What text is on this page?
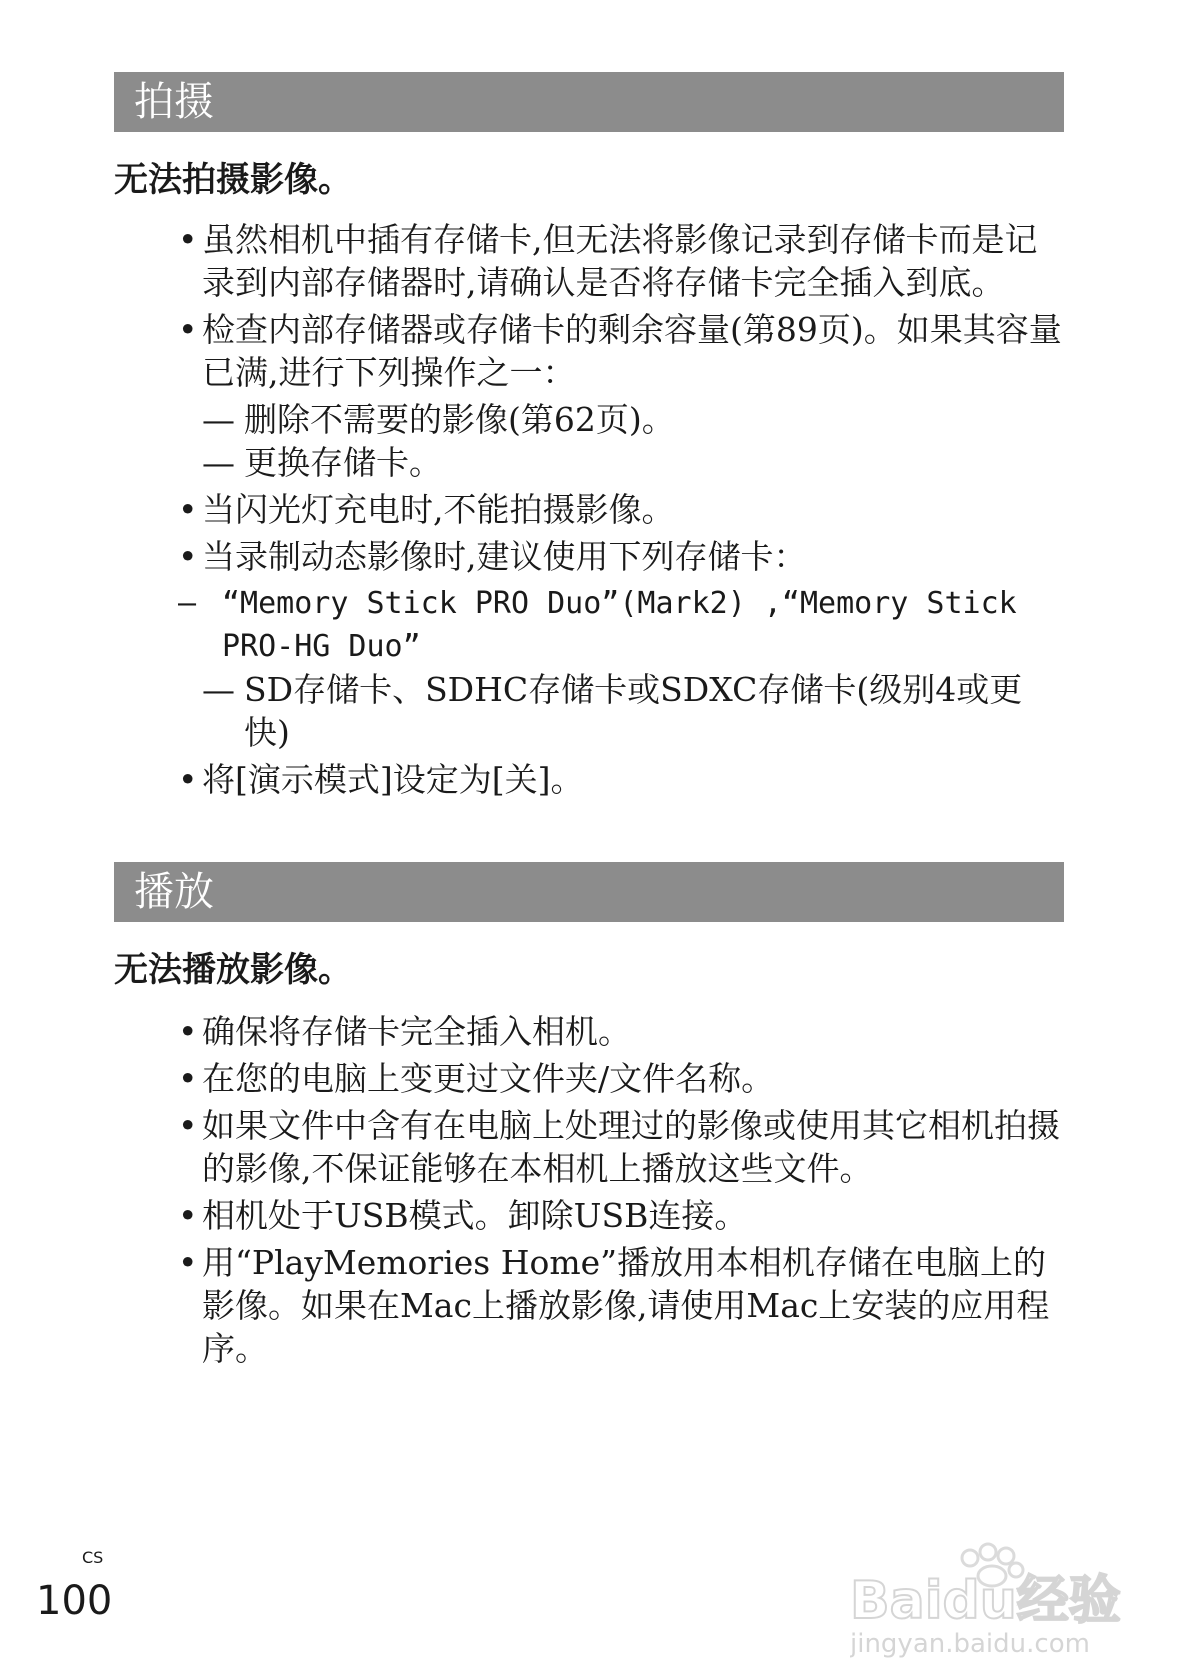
拍摄
无法拍摄影像。
• 虽然相机中插有存储卡,但无法将影像记录到存储卡而是记录到内部存储器时,请确认是否将存储卡完全插入到底。
• 检查内部存储器或存储卡的剩余容量(第89页)。如果其容量已满,进行下列操作之一：
— 删除不需要的影像(第62页)。
— 更换存储卡。
• 当闪光灯充电时,不能拍摄影像。
• 当录制动态影像时,建议使用下列存储卡：
— “Memory Stick PRO Duo”(Mark2) ,“Memory Stick PRO-HG Duo”
— SD存储卡、SDHC存储卡或SDXC存储卡(级别4或更快)
• 将[演示模式]设定为[关]。
播放
无法播放影像。
• 确保将存储卡完全插入相机。
• 在您的电脑上变更过文件夹/文件名称。
• 如果文件中含有在电脑上处理过的影像或使用其它相机拍摄的影像,不保证能够在本相机上播放这些文件。
• 相机处于USB模式。卸除USB连接。
• 用“PlayMemories Home”播放用本相机存储在电脑上的影像。如果在Mac上播放影像,请使用Mac上安装的应用程序。
CS
100	Baidu经验
jingyan.baidu.com
